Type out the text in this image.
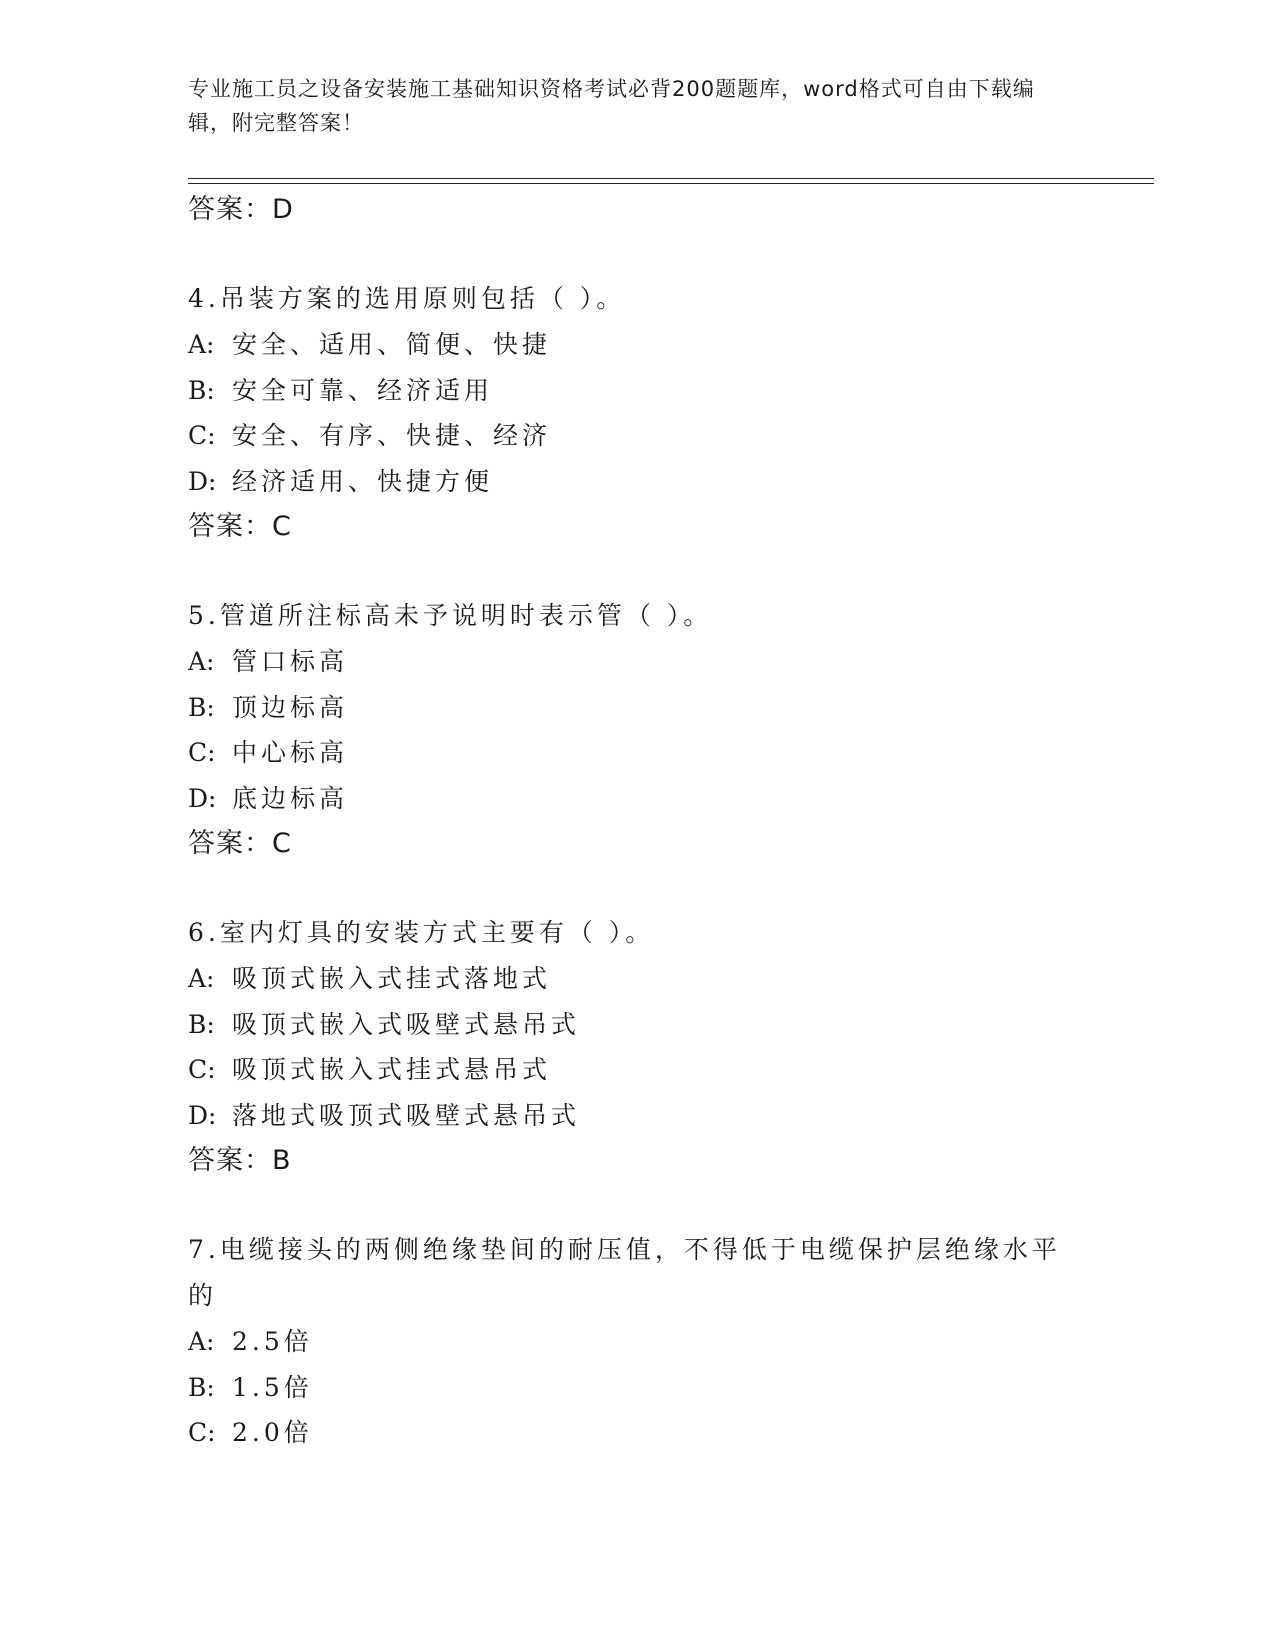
专业施工员之设备安装施工基础知识资格考试必背200题题库，word格式可自由下载编辑，附完整答案！
答案：D
4.吊装方案的选用原则包括（ ）。
A: 安全、适用、简便、快捷
B: 安全可靠、经济适用
C: 安全、有序、快捷、经济
D: 经济适用、快捷方便
答案：C
5.管道所注标高未予说明时表示管（ ）。
A: 管口标高
B: 顶边标高
C: 中心标高
D: 底边标高
答案：C
6.室内灯具的安装方式主要有（ ）。
A: 吸顶式嵌入式挂式落地式
B: 吸顶式嵌入式吸壁式悬吊式
C: 吸顶式嵌入式挂式悬吊式
D: 落地式吸顶式吸壁式悬吊式
答案：B
7.电缆接头的两侧绝缘垫间的耐压值，不得低于电缆保护层绝缘水平的
A: 2.5倍
B: 1.5倍
C: 2.0倍
